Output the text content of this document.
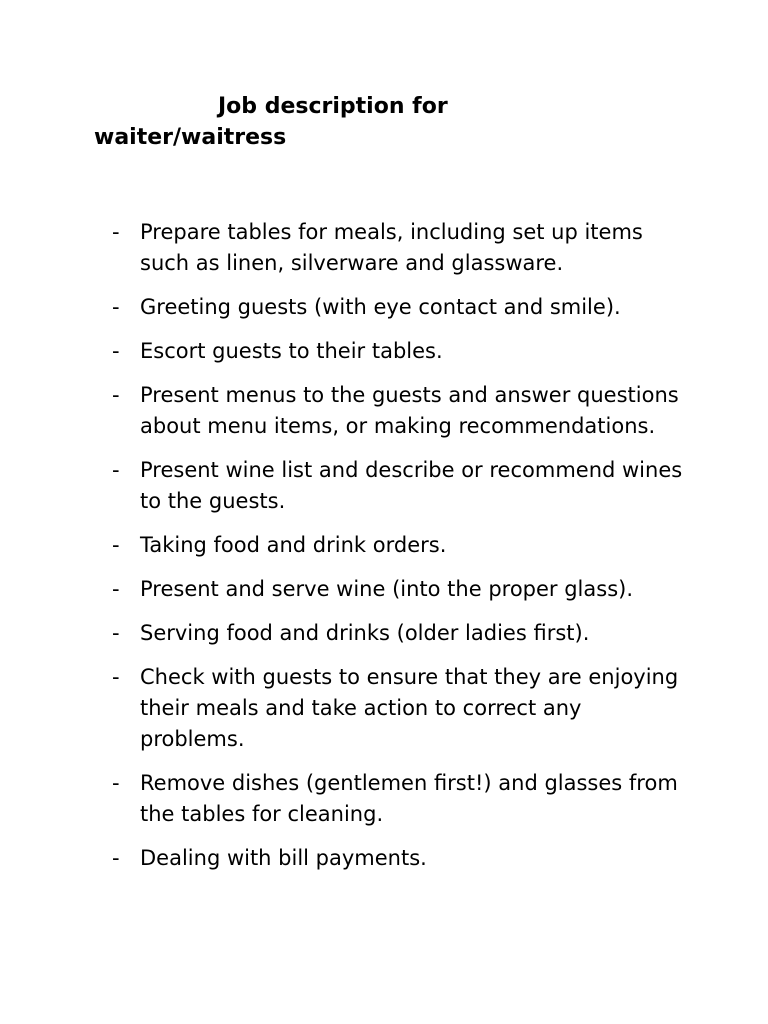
Job description for waiter/waitress
- Prepare tables for meals, including set up items such as linen, silverware and glassware.
- Greeting guests (with eye contact and smile).
- Escort guests to their tables.
- Present menus to the guests and answer questions about menu items, or making recommendations.
- Present wine list and describe or recommend wines to the guests.
- Taking food and drink orders.
- Present and serve wine (into the proper glass).
- Serving food and drinks (older ladies first).
- Check with guests to ensure that they are enjoying their meals and take action to correct any problems.
- Remove dishes (gentlemen first!) and glasses from the tables for cleaning.
- Dealing with bill payments.
